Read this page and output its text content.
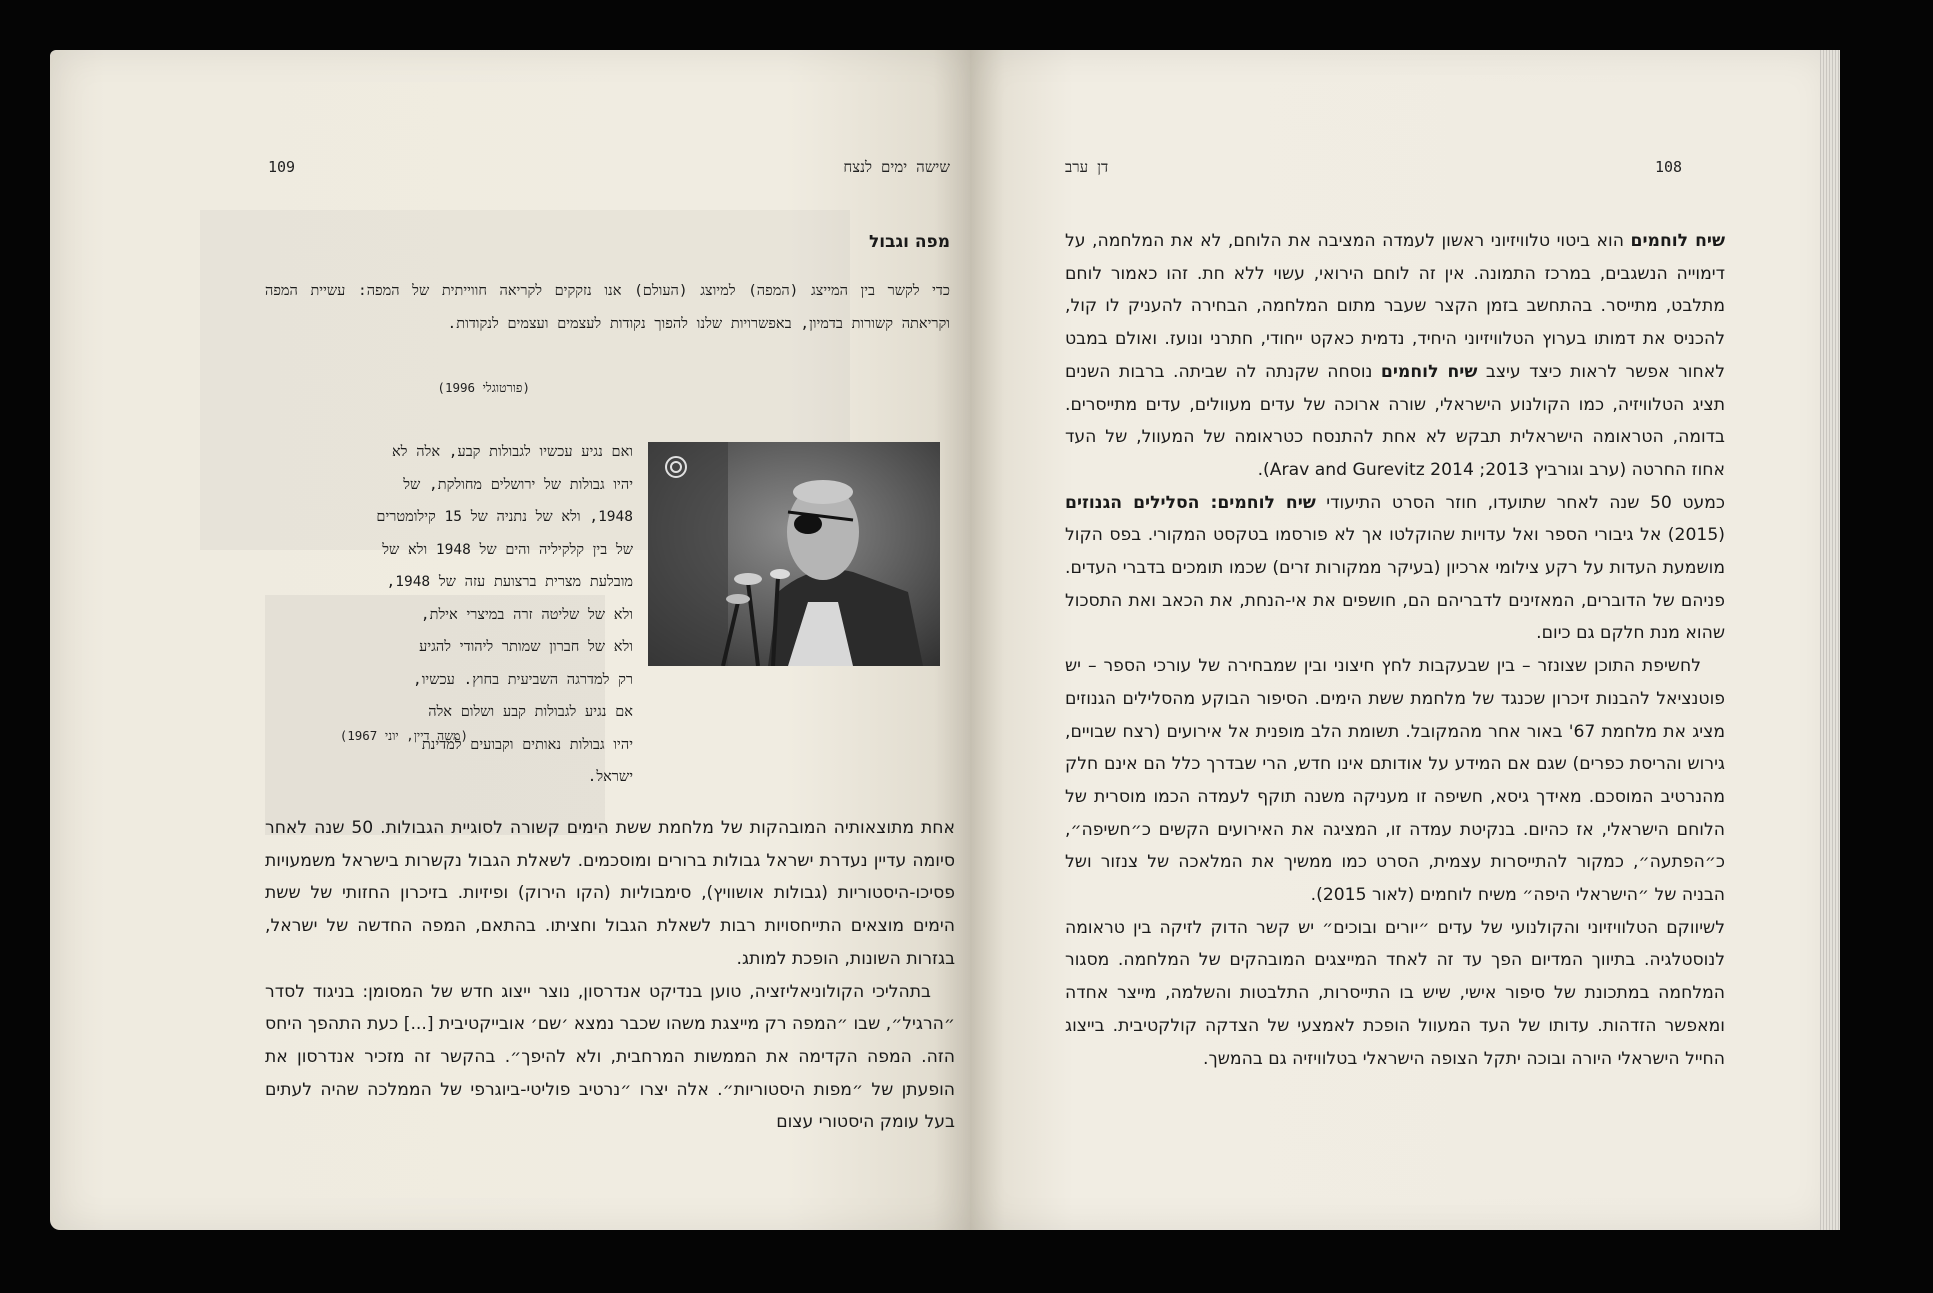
109	שישה ימים לנצח
מפה וגבול

כדי לקשר בין המייצג (המפה) למיוצג (העולם) אנו נזקקים לקריאה חווייתית של המפה: עשיית המפה וקריאתה קשורות בדמיון, באפשרויות שלנו להפוך נקודות לעצמים ועצמים לנקודות.

(פורטוגלי 1996)

ואם נגיע עכשיו לגבולות קבע, אלה לא

יהיו גבולות של ירושלים מחולקת, של

1948, ולא של נתניה של 15 קילומטרים

של בין קלקיליה והים של 1948 ולא של

מובלעת מצרית ברצועת עזה של 1948,

ולא של שליטה זרה במיצרי אילת,

ולא של חברון שמותר ליהודי להגיע

רק למדרגה השביעית בחוץ. עכשיו,

אם נגיע לגבולות קבע ושלום אלה

יהיו גבולות נאותים וקבועים למדינת

ישראל.

(משה דיין, יוני 1967)

אחת מתוצאותיה המובהקות של מלחמת ששת הימים קשורה לסוגיית הגבולות. 50 שנה לאחר סיומה עדיין נעדרת ישראל גבולות ברורים ומוסכמים. לשאלת הגבול נקשרות בישראל משמעויות פסיכו-היסטוריות (גבולות אושוויץ), סימבוליות (הקו הירוק) ופיזיות. בזיכרון החזותי של ששת הימים מוצאים התייחסויות רבות לשאלת הגבול וחציתו. בהתאם, המפה החדשה של ישראל, בגזרות השונות, הופכת למותג.

בתהליכי הקולוניאליזציה, טוען בנדיקט אנדרסון, נוצר ייצוג חדש של המסומן: בניגוד לסדר ״הרגיל״, שבו ״המפה רק מייצגת משהו שכבר נמצא ׳שם׳ אובייקטיבית [...] כעת התהפך היחס הזה. המפה הקדימה את הממשות המרחבית, ולא להיפך״. בהקשר זה מזכיר אנדרסון את הופעתן של ״מפות היסטוריות״. אלה יצרו ״נרטיב פוליטי-ביוגרפי של הממלכה שהיה לעתים בעל עומק היסטורי עצום

דן ערב	108

שיח לוחמים הוא ביטוי טלוויזיוני ראשון לעמדה המציבה את הלוחם, לא את המלחמה, על דימוייה הנשגבים, במרכז התמונה. אין זה לוחם הירואי, עשוי ללא חת. זהו כאמור לוחם מתלבט, מתייסר. בהתחשב בזמן הקצר שעבר מתום המלחמה, הבחירה להעניק לו קול, להכניס את דמותו בערוץ הטלוויזיוני היחיד, נדמית כאקט ייחודי, חתרני ונועז. ואולם במבט לאחור אפשר לראות כיצד עיצב שיח לוחמים נוסחה שקנתה לה שביתה. ברבות השנים תציג הטלוויזיה, כמו הקולנוע הישראלי, שורה ארוכה של עדים מעוולים, עדים מתייסרים. בדומה, הטראומה הישראלית תבקש לא אחת להתנסח כטראומה של המעוול, של העד אחוז החרטה (ערב וגורביץ 2013; Arav and Gurevitz 2014).

כמעט 50 שנה לאחר שתועדו, חוזר הסרט התיעודי שיח לוחמים: הסלילים הגנוזים (2015) אל גיבורי הספר ואל עדויות שהוקלטו אך לא פורסמו בטקסט המקורי. בפס הקול מושמעת העדות על רקע צילומי ארכיון (בעיקר ממקורות זרים) שכמו תומכים בדברי העדים. פניהם של הדוברים, המאזינים לדבריהם הם, חושפים את אי-הנחת, את הכאב ואת התסכול שהוא מנת חלקם גם כיום.

לחשיפת התוכן שצונזר – בין שבעקבות לחץ חיצוני ובין שמבחירה של עורכי הספר – יש פוטנציאל להבנות זיכרון שכנגד של מלחמת ששת הימים. הסיפור הבוקע מהסלילים הגנוזים מציג את מלחמת 67' באור אחר מהמקובל. תשומת הלב מופנית אל אירועים (רצח שבויים, גירוש והריסת כפרים) שגם אם המידע על אודותם אינו חדש, הרי שבדרך כלל הם אינם חלק מהנרטיב המוסכם. מאידך גיסא, חשיפה זו מעניקה משנה תוקף לעמדה הכמו מוסרית של הלוחם הישראלי, אז כהיום. בנקיטת עמדה זו, המציגה את האירועים הקשים כ״חשיפה״, כ״הפתעה״, כמקור להתייסרות עצמית, הסרט כמו ממשיך את המלאכה של צנזור ושל הבניה של ״הישראלי היפה״ משיח לוחמים (לאור 2015).

לשיווקם הטלוויזיוני והקולנועי של עדים ״יורים ובוכים״ יש קשר הדוק לזיקה בין טראומה לנוסטלגיה. בתיווך המדיום הפך עד זה לאחד המייצגים המובהקים של המלחמה. מסגור המלחמה במתכונת של סיפור אישי, שיש בו התייסרות, התלבטות והשלמה, מייצר אחדה ומאפשר הזדהות. עדותו של העד המעוול הופכת לאמצעי של הצדקה קולקטיבית. בייצוג החייל הישראלי היורה ובוכה יתקל הצופה הישראלי בטלוויזיה גם בהמשך.
